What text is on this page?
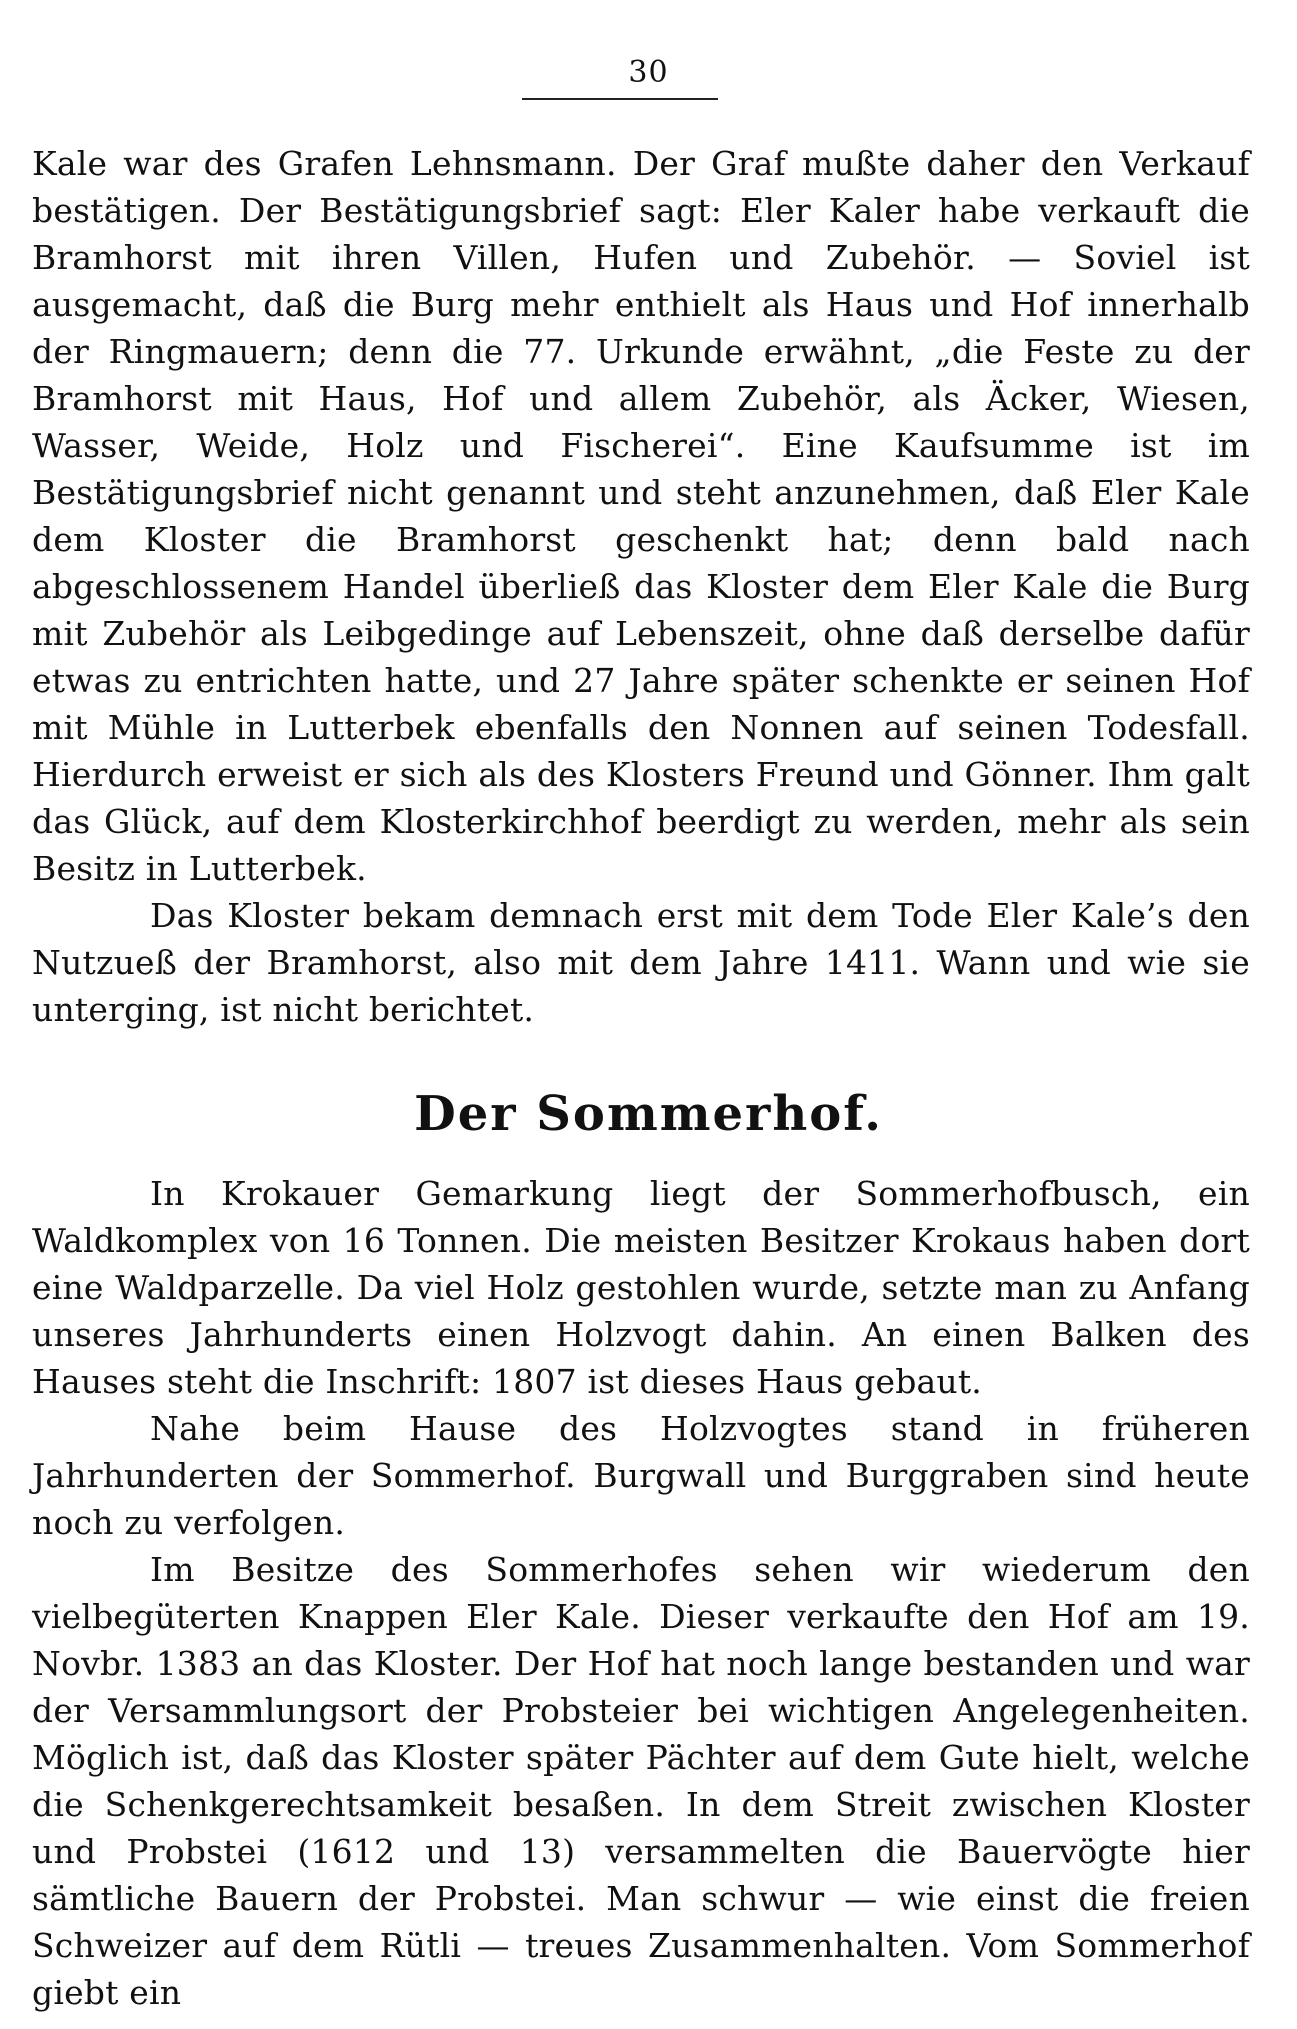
30

Kale war des Grafen Lehnsmann. Der Graf mußte daher den Verkauf bestätigen. Der Bestätigungsbrief sagt: Eler Kaler habe verkauft die Bramhorst mit ihren Villen, Hufen und Zubehör. — Soviel ist ausgemacht, daß die Burg mehr enthielt als Haus und Hof innerhalb der Ringmauern; denn die 77. Urkunde erwähnt, „die Feste zu der Bramhorst mit Haus, Hof und allem Zubehör, als Äcker, Wiesen, Wasser, Weide, Holz und Fischerei“. Eine Kaufsumme ist im Bestätigungsbrief nicht genannt und steht anzunehmen, daß Eler Kale dem Kloster die Bramhorst geschenkt hat; denn bald nach abgeschlossenem Handel überließ das Kloster dem Eler Kale die Burg mit Zubehör als Leibgedinge auf Lebenszeit, ohne daß derselbe dafür etwas zu entrichten hatte, und 27 Jahre später schenkte er seinen Hof mit Mühle in Lutterbek ebenfalls den Nonnen auf seinen Todesfall. Hierdurch erweist er sich als des Klosters Freund und Gönner. Ihm galt das Glück, auf dem Klosterkirchhof beerdigt zu werden, mehr als sein Besitz in Lutterbek.

Das Kloster bekam demnach erst mit dem Tode Eler Kale’s den Nutzueß der Bramhorst, also mit dem Jahre 1411. Wann und wie sie unterging, ist nicht berichtet.

Der Sommerhof.

In Krokauer Gemarkung liegt der Sommerhofbusch, ein Waldkomplex von 16 Tonnen. Die meisten Besitzer Krokaus haben dort eine Waldparzelle. Da viel Holz gestohlen wurde, setzte man zu Anfang unseres Jahrhunderts einen Holzvogt dahin. An einen Balken des Hauses steht die Inschrift: 1807 ist dieses Haus gebaut.

Nahe beim Hause des Holzvogtes stand in früheren Jahrhunderten der Sommerhof. Burgwall und Burggraben sind heute noch zu verfolgen.

Im Besitze des Sommerhofes sehen wir wiederum den vielbegüterten Knappen Eler Kale. Dieser verkaufte den Hof am 19. Novbr. 1383 an das Kloster. Der Hof hat noch lange bestanden und war der Versammlungsort der Probsteier bei wichtigen Angelegenheiten. Möglich ist, daß das Kloster später Pächter auf dem Gute hielt, welche die Schenkgerechtsamkeit besaßen. In dem Streit zwischen Kloster und Probstei (1612 und 13) versammelten die Bauervögte hier sämtliche Bauern der Probstei. Man schwur — wie einst die freien Schweizer auf dem Rütli — treues Zusammenhalten. Vom Sommerhof giebt ein
